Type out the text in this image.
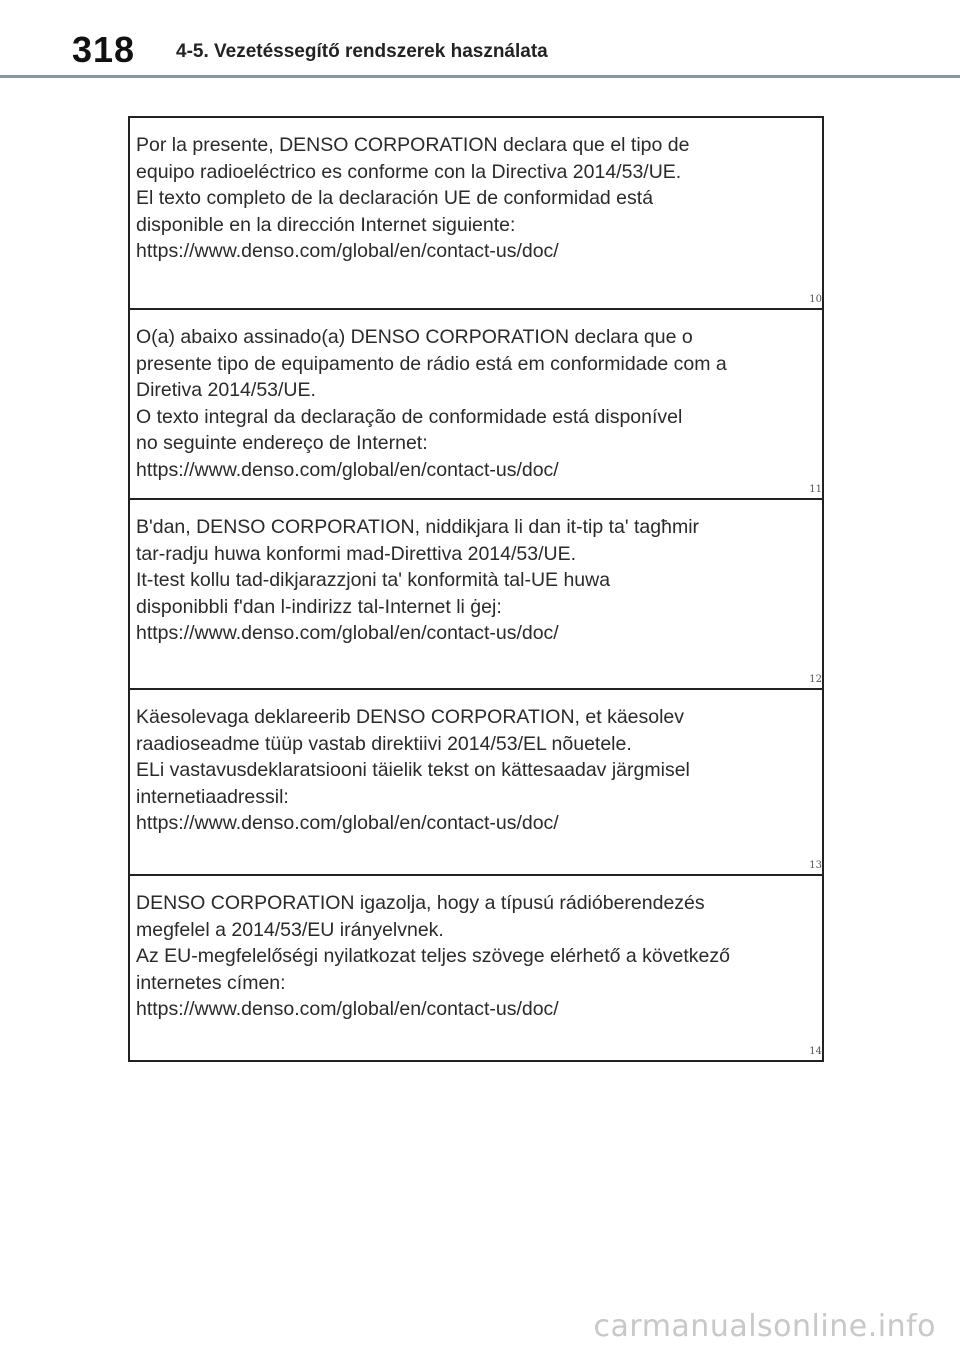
318 4-5. Vezetéssegítő rendszerek használata

Por la presente, DENSO CORPORATION declara que el tipo de
equipo radioeléctrico es conforme con la Directiva 2014/53/UE.
El texto completo de la declaración UE de conformidad está
disponible en la dirección Internet siguiente:
https://www.denso.com/global/en/contact-us/doc/

10

O(a) abaixo assinado(a) DENSO CORPORATION declara que o
presente tipo de equipamento de rádio está em conformidade com a
Diretiva 2014/53/UE.
O texto integral da declaração de conformidade está disponível
no seguinte endereço de Internet:
https://www.denso.com/global/en/contact-us/doc/

11

B'dan, DENSO CORPORATION, niddikjara li dan it-tip ta' tagħmir
tar-radju huwa konformi mad-Direttiva 2014/53/UE.
It-test kollu tad-dikjarazzjoni ta' konformità tal-UE huwa
disponibbli f'dan l-indirizz tal-Internet li ġej:
https://www.denso.com/global/en/contact-us/doc/

12

Käesolevaga deklareerib DENSO CORPORATION, et käesolev
raadioseadme tüüp vastab direktiivi 2014/53/EL nõuetele.
ELi vastavusdeklaratsiooni täielik tekst on kättesaadav järgmisel
internetiaadressil:
https://www.denso.com/global/en/contact-us/doc/

13

DENSO CORPORATION igazolja, hogy a típusú rádióberendezés
megfelel a 2014/53/EU irányelvnek.
Az EU-megfelelőségi nyilatkozat teljes szövege elérhető a következő
internetes címen:
https://www.denso.com/global/en/contact-us/doc/

14
carmanualsonline.info
